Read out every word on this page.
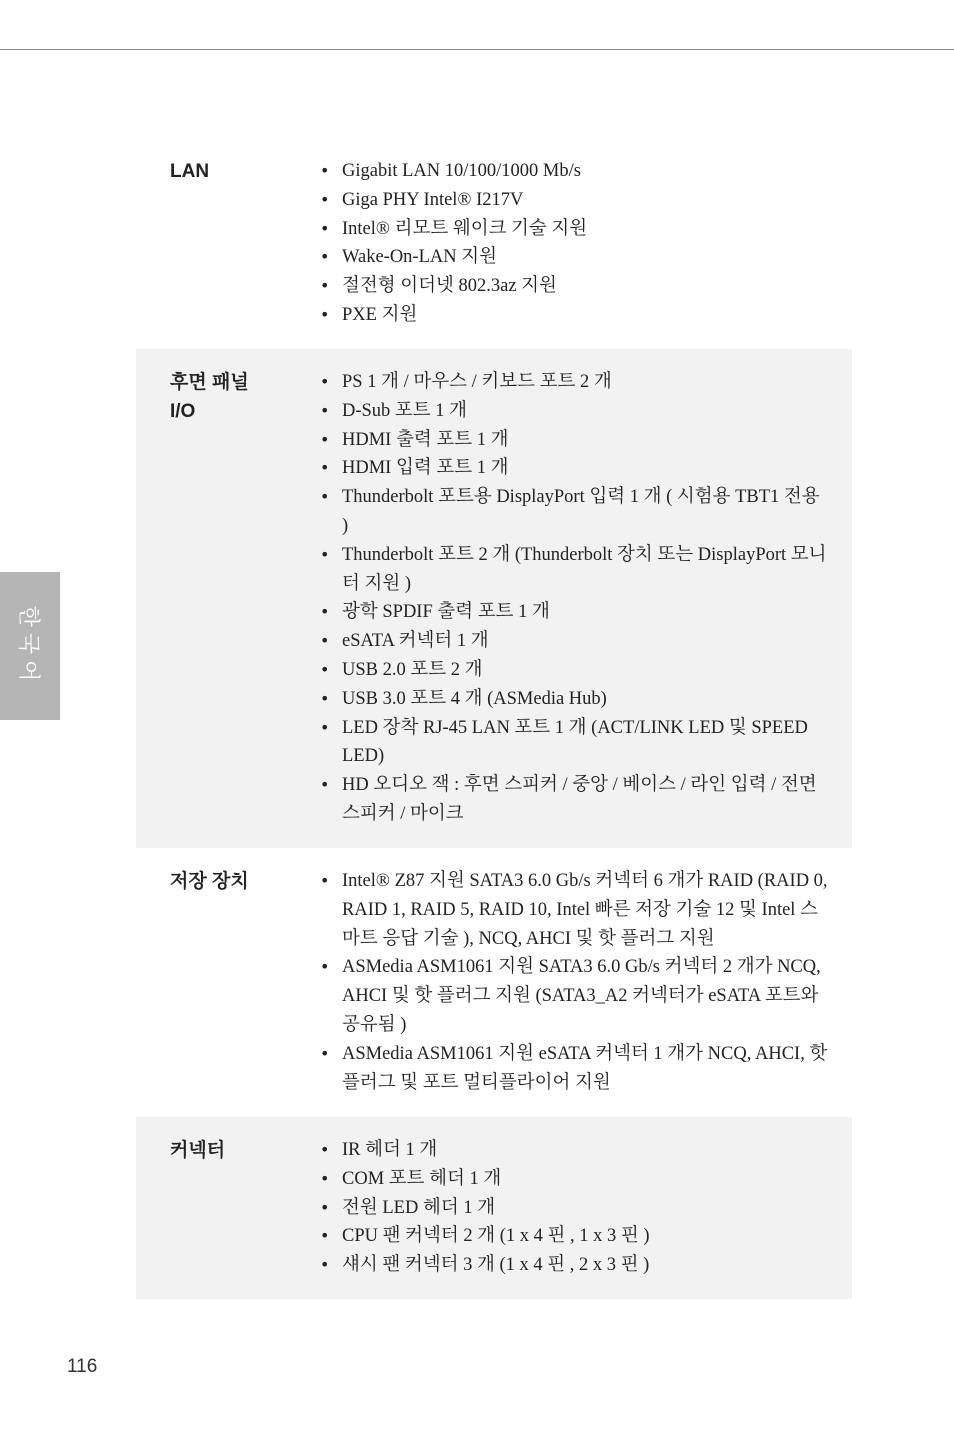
한국어
LAN	• Gigabit LAN 10/100/1000 Mb/s
• Giga PHY Intel® I217V
• Intel® 리모트 웨이크 기술 지원
• Wake-On-LAN 지원
• 절전형 이더넷 802.3az 지원
• PXE 지원
후면 패널
I/O
• PS 1 개 / 마우스 / 키보드 포트 2 개
• D-Sub 포트 1 개
• HDMI 출력 포트 1 개
• HDMI 입력 포트 1 개
• Thunderbolt 포트용 DisplayPort 입력 1 개 ( 시험용 TBT1 전용 )
• Thunderbolt 포트 2 개 (Thunderbolt 장치 또는 DisplayPort 모니터 지원 )
• 광학 SPDIF 출력 포트 1 개
• eSATA 커넥터 1 개
• USB 2.0 포트 2 개
• USB 3.0 포트 4 개 (ASMedia Hub)
• LED 장착 RJ-45 LAN 포트 1 개 (ACT/LINK LED 및 SPEED LED)
• HD 오디오 잭 : 후면 스피커 / 중앙 / 베이스 / 라인 입력 / 전면 스피커 / 마이크
저장 장치	• Intel® Z87 지원 SATA3 6.0 Gb/s 커넥터 6 개가 RAID (RAID 0, RAID 1, RAID 5, RAID 10, Intel 빠른 저장 기술 12 및 Intel 스마트 응답 기술 ), NCQ, AHCI 및 핫 플러그 지원
• ASMedia ASM1061 지원 SATA3 6.0 Gb/s 커넥터 2 개가 NCQ, AHCI 및 핫 플러그 지원 (SATA3_A2 커넥터가 eSATA 포트와 공유됨 )
• ASMedia ASM1061 지원 eSATA 커넥터 1 개가 NCQ, AHCI, 핫 플러그 및 포트 멀티플라이어 지원
커넥터	• IR 헤더 1 개
• COM 포트 헤더 1 개
• 전원 LED 헤더 1 개
• CPU 팬 커넥터 2 개 (1 x 4 핀 , 1 x 3 핀 )
• 섀시 팬 커넥터 3 개 (1 x 4 핀 , 2 x 3 핀 )
116
